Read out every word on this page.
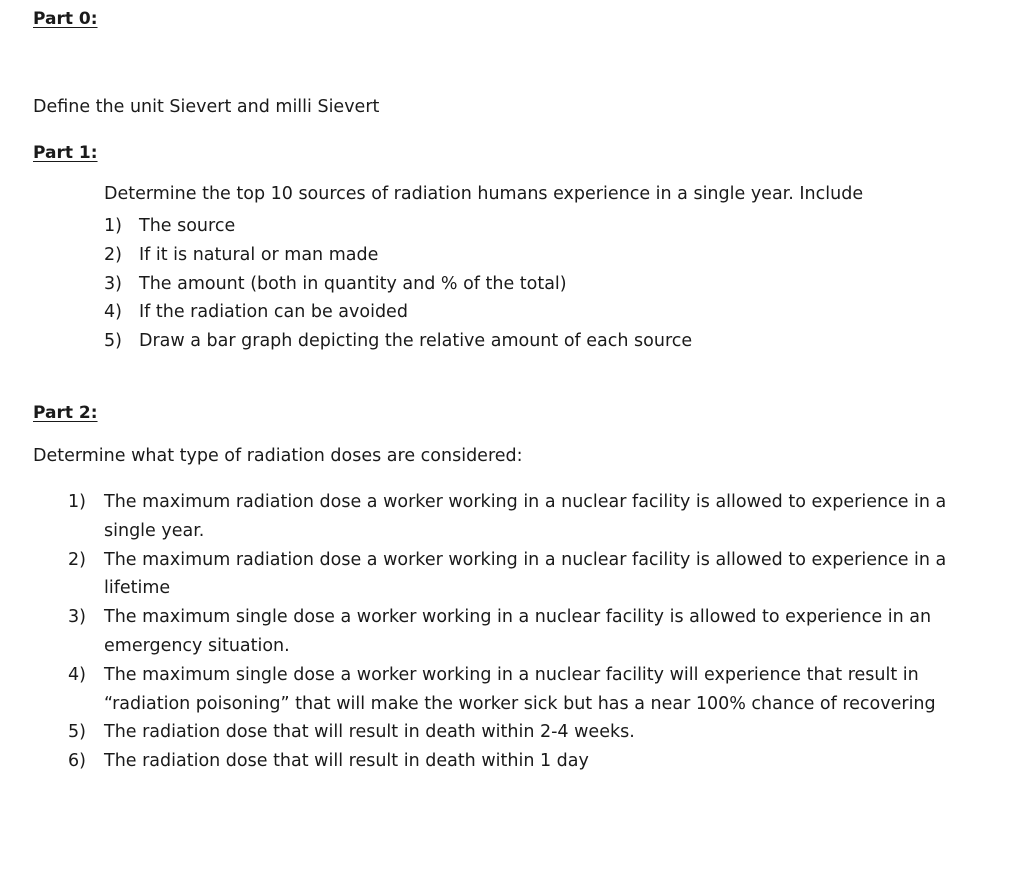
Part 0:
Define the unit Sievert and milli Sievert
Part 1:
Determine the top 10 sources of radiation humans experience in a single year. Include
1) The source
2) If it is natural or man made
3) The amount (both in quantity and % of the total)
4) If the radiation can be avoided
5) Draw a bar graph depicting the relative amount of each source
Part 2:
Determine what type of radiation doses are considered:
1) The maximum radiation dose a worker working in a nuclear facility is allowed to experience in a single year.
2) The maximum radiation dose a worker working in a nuclear facility is allowed to experience in a lifetime
3) The maximum single dose a worker working in a nuclear facility is allowed to experience in an emergency situation.
4) The maximum single dose a worker working in a nuclear facility will experience that result in “radiation poisoning” that will make the worker sick but has a near 100% chance of recovering
5) The radiation dose that will result in death within 2-4 weeks.
6) The radiation dose that will result in death within 1 day
